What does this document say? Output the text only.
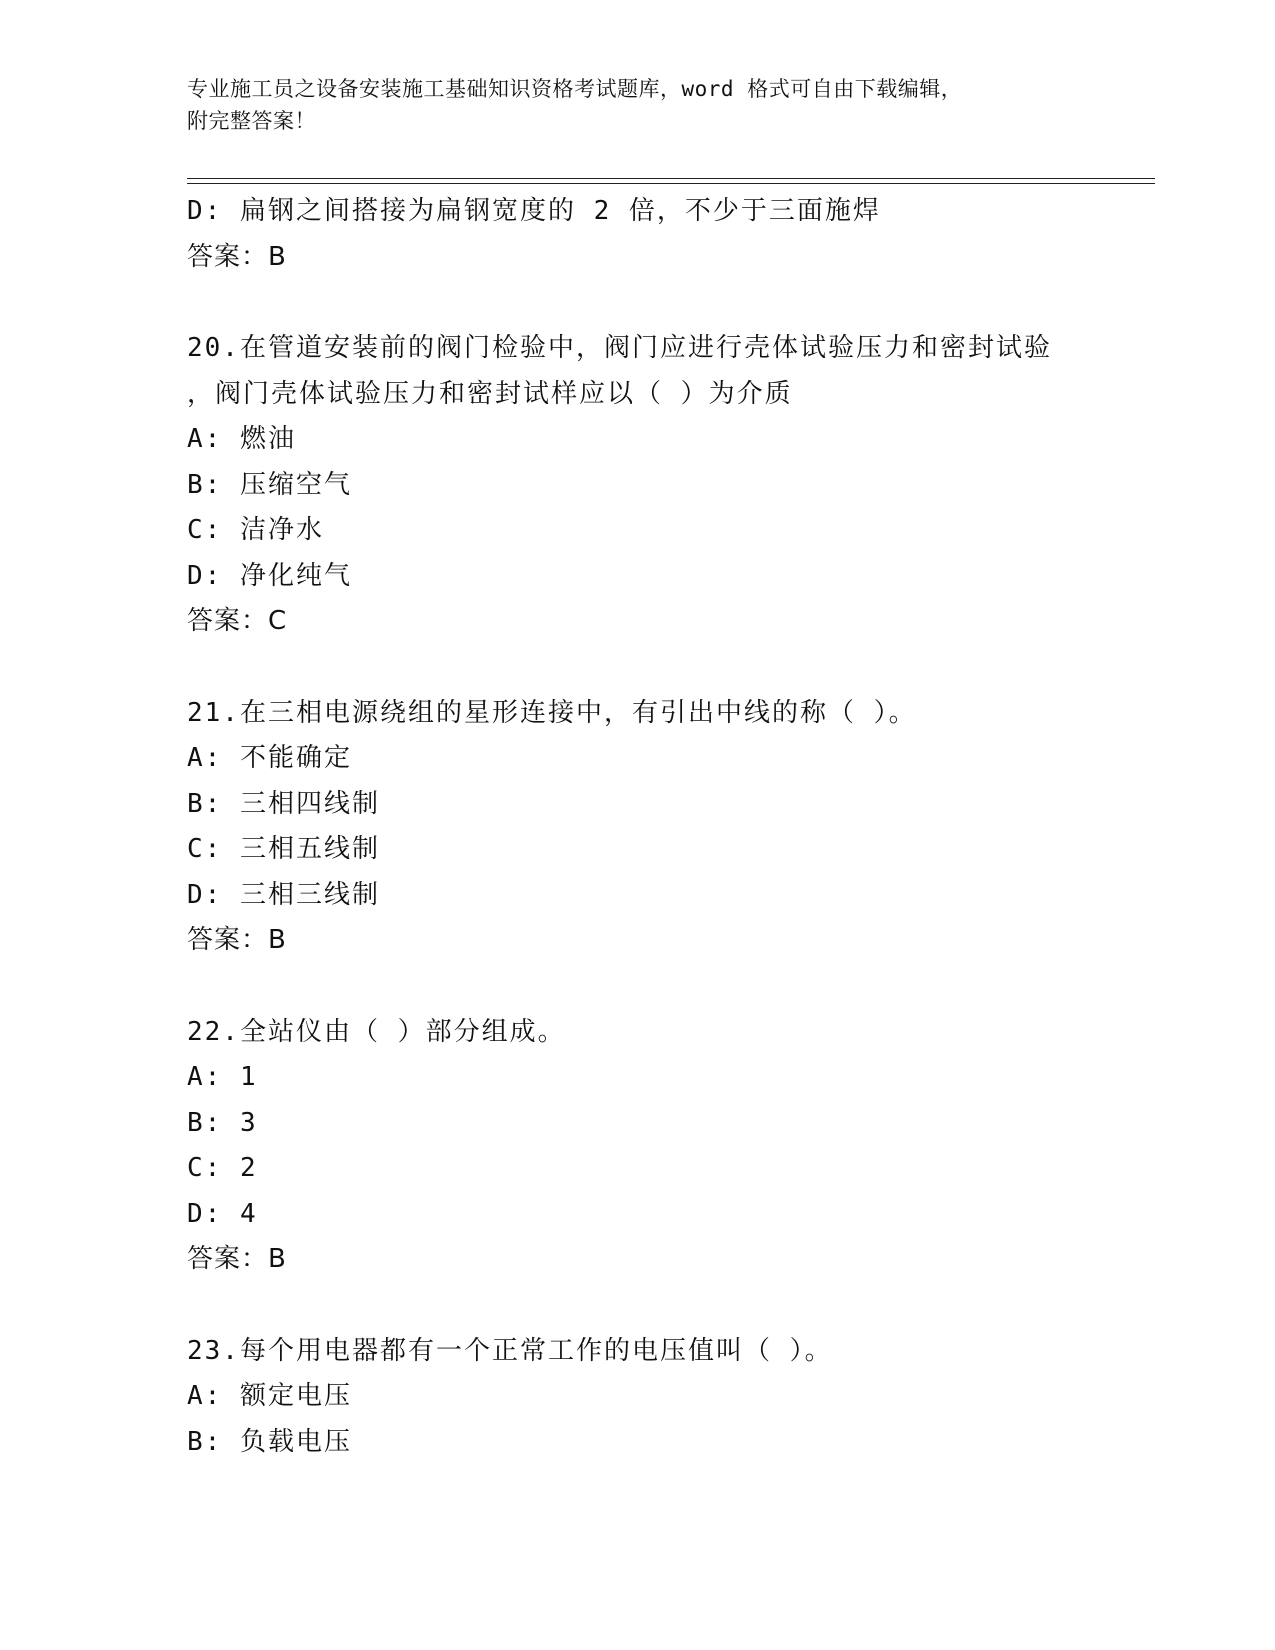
专业施工员之设备安装施工基础知识资格考试题库，word 格式可自由下载编辑，
附完整答案！
D: 扁钢之间搭接为扁钢宽度的 2 倍，不少于三面施焊
答案：B
20.在管道安装前的阀门检验中，阀门应进行壳体试验压力和密封试验
，阀门壳体试验压力和密封试样应以（ ）为介质
A: 燃油
B: 压缩空气
C: 洁净水
D: 净化纯气
答案：C
21.在三相电源绕组的星形连接中，有引出中线的称（ ）。
A: 不能确定
B: 三相四线制
C: 三相五线制
D: 三相三线制
答案：B
22.全站仪由（ ）部分组成。
A: 1
B: 3
C: 2
D: 4
答案：B
23.每个用电器都有一个正常工作的电压值叫（ ）。
A: 额定电压
B: 负载电压
